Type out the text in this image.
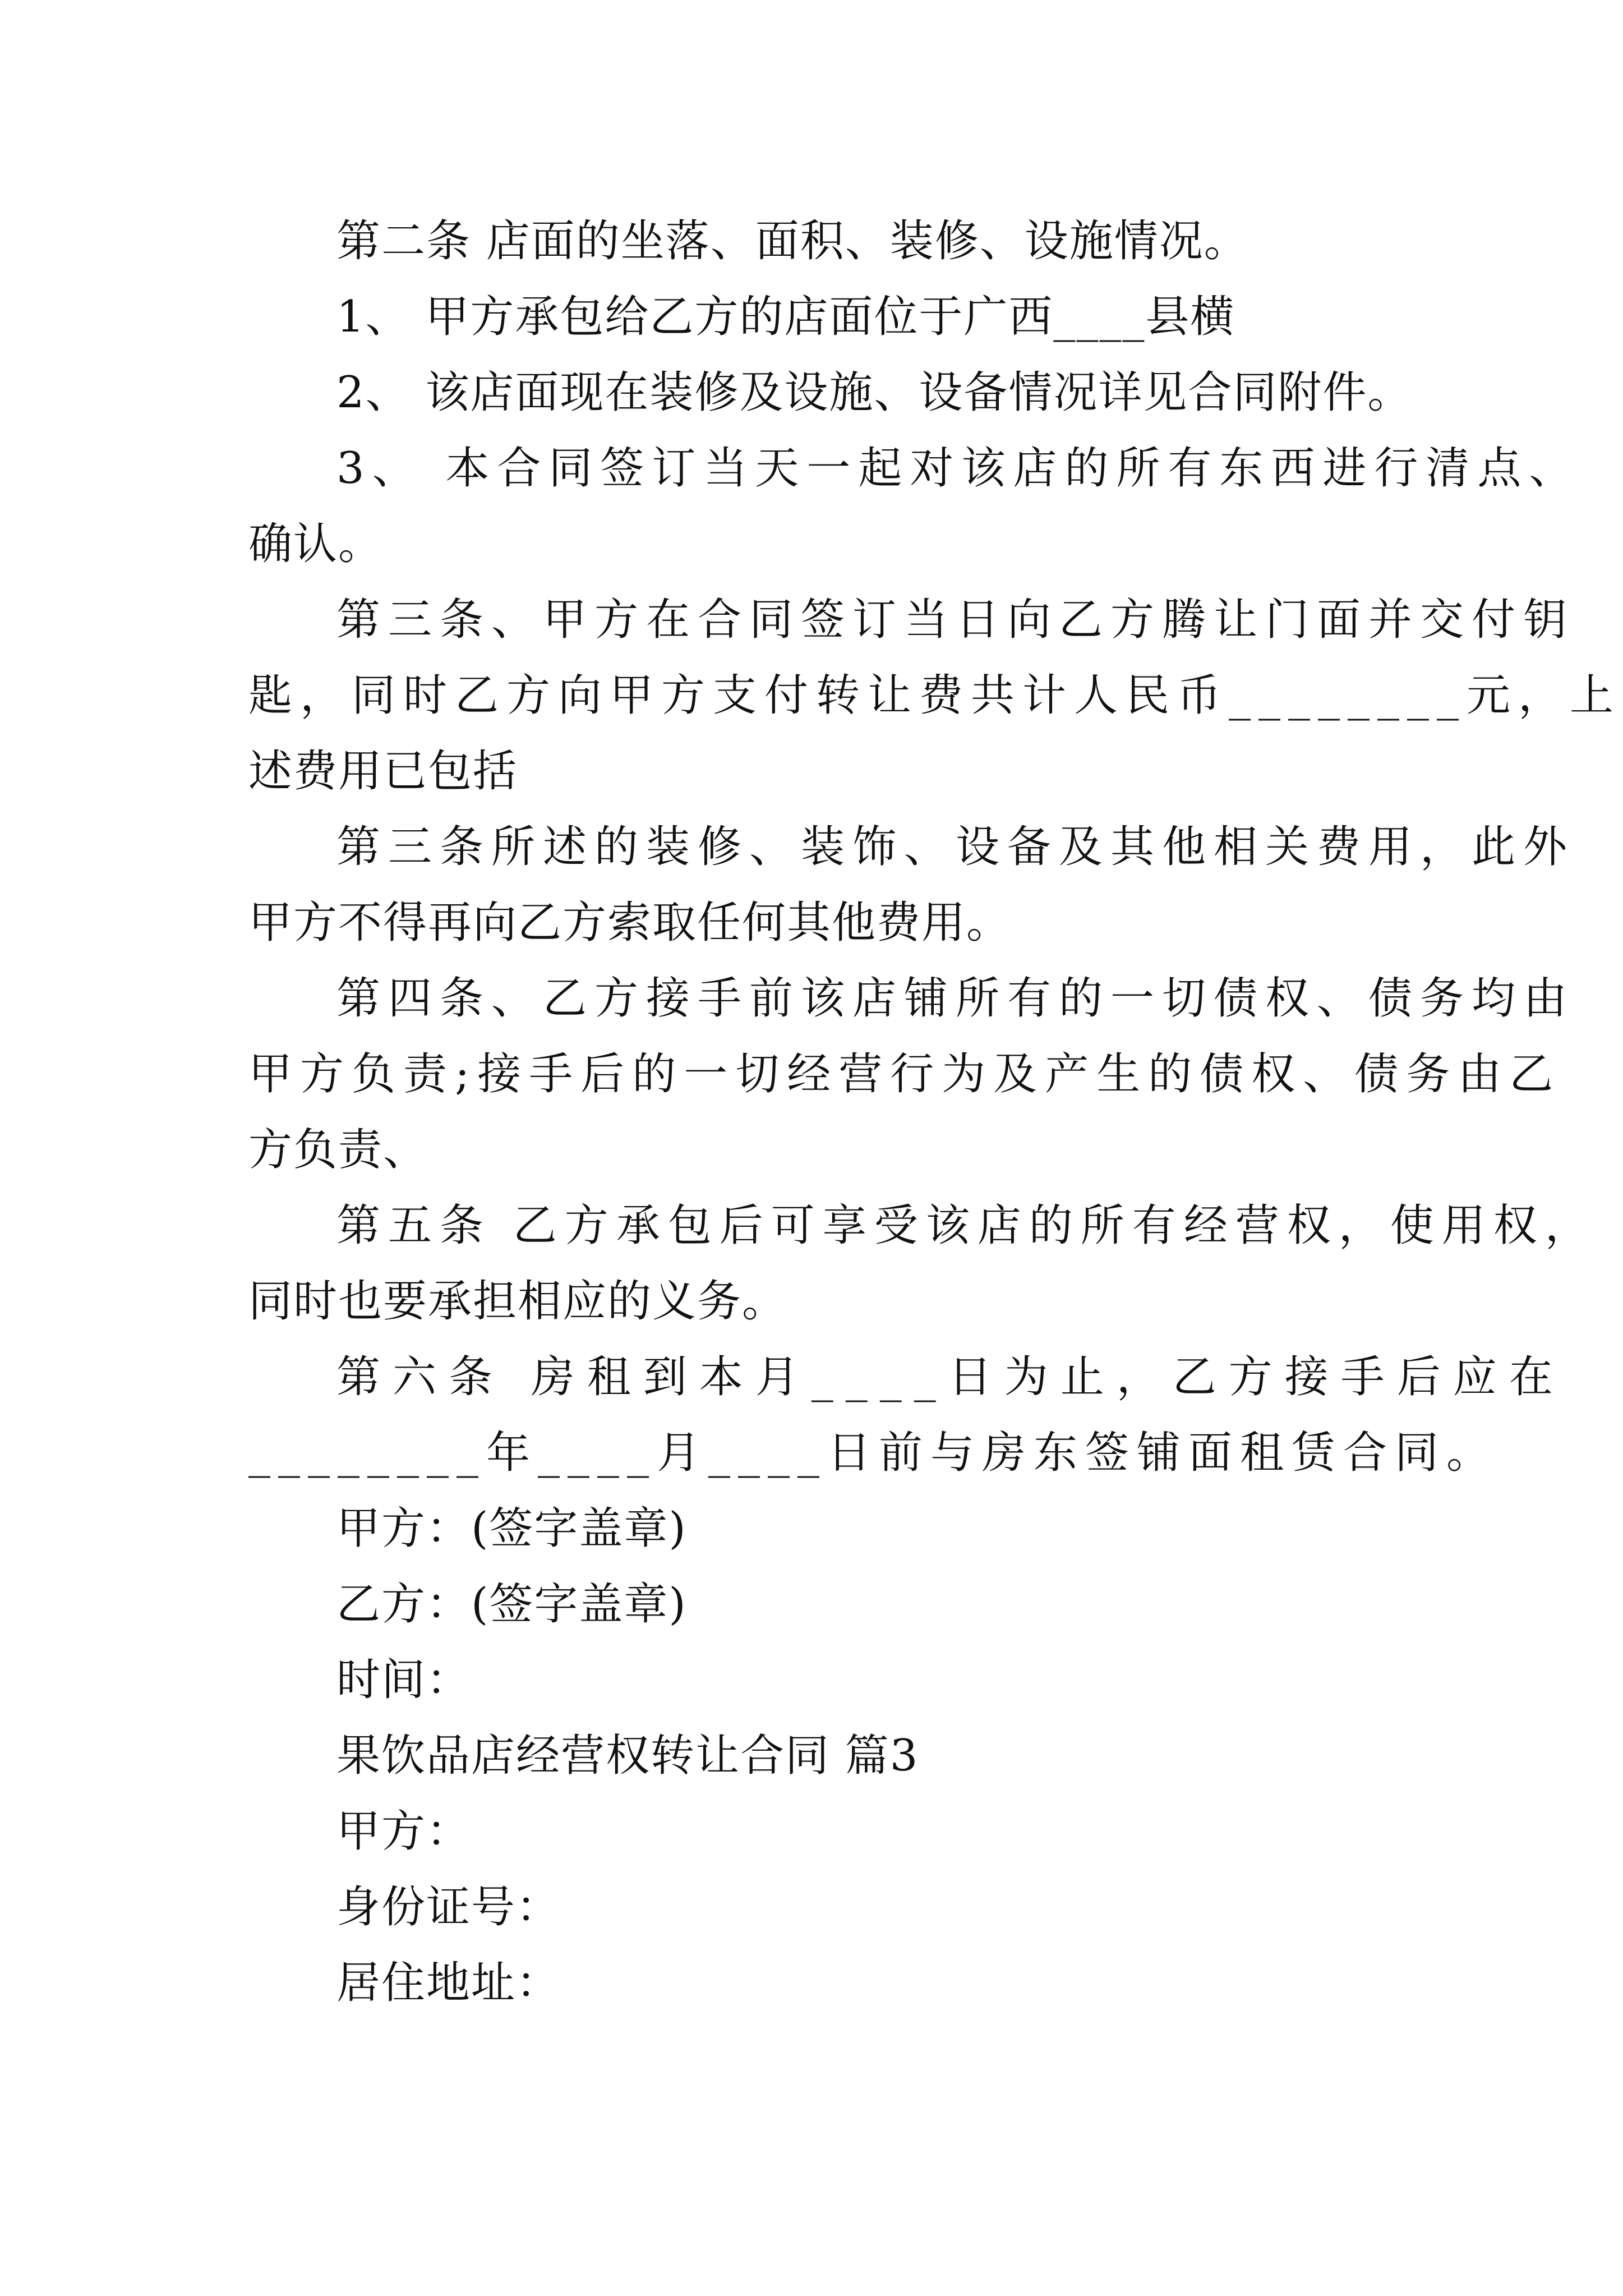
第二条 店面的坐落、面积、装修、设施情况。
1、 甲方承包给乙方的店面位于广西____县横
2、 该店面现在装修及设施、设备情况详见合同附件。
3、 本合同签订当天一起对该店的所有东西进行清点、
确认。
第三条、甲方在合同签订当日向乙方腾让门面并交付钥
匙，同时乙方向甲方支付转让费共计人民币________元，上
述费用已包括
第三条所述的装修、装饰、设备及其他相关费用，此外
甲方不得再向乙方索取任何其他费用。
第四条、乙方接手前该店铺所有的一切债权、债务均由
甲方负责;接手后的一切经营行为及产生的债权、债务由乙
方负责、
第五条 乙方承包后可享受该店的所有经营权，使用权，
同时也要承担相应的义务。
第六条 房租到本月____日为止，乙方接手后应在
________年____月____日前与房东签铺面租赁合同。
甲方：(签字盖章)
乙方：(签字盖章)
时间：
果饮品店经营权转让合同 篇3
甲方：
身份证号：
居住地址：
